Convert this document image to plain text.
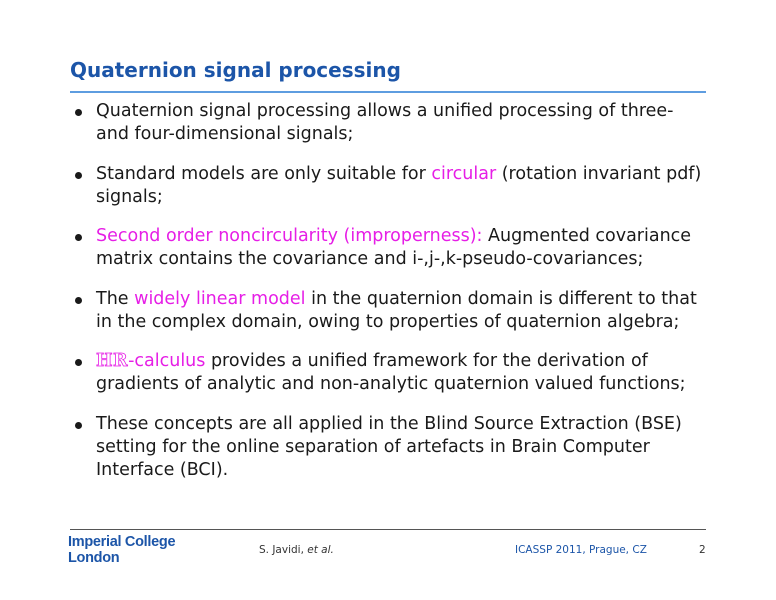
Quaternion signal processing
Quaternion signal processing allows a unified processing of three- and four-dimensional signals;
Standard models are only suitable for circular (rotation invariant pdf) signals;
Second order noncircularity (improperness): Augmented covariance matrix contains the covariance and i-,j-,k-pseudo-covariances;
The widely linear model in the quaternion domain is different to that in the complex domain, owing to properties of quaternion algebra;
HR-calculus provides a unified framework for the derivation of gradients of analytic and non-analytic quaternion valued functions;
These concepts are all applied in the Blind Source Extraction (BSE) setting for the online separation of artefacts in Brain Computer Interface (BCI).
Imperial College
London	S. Javidi, et al.	ICASSP 2011, Prague, CZ	2
